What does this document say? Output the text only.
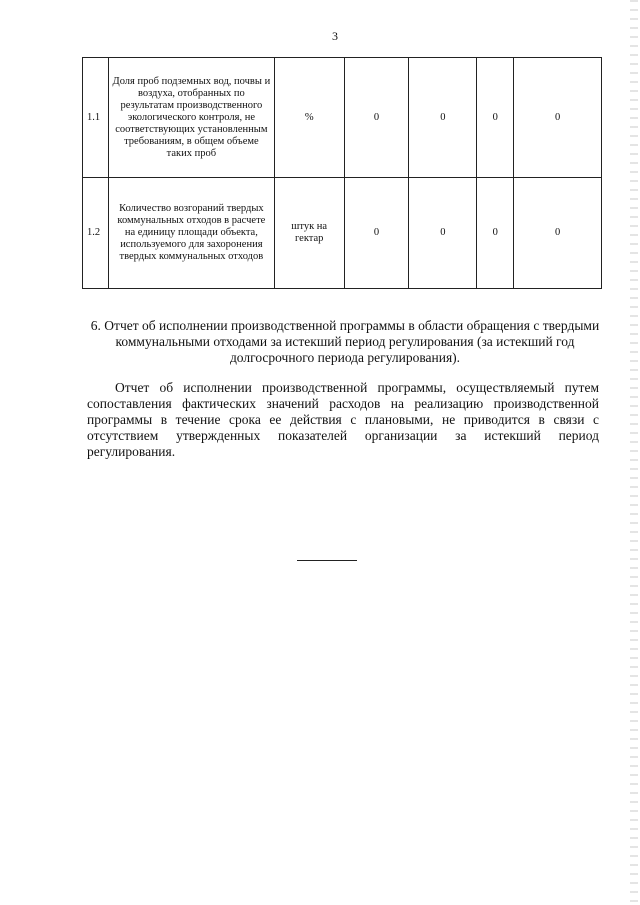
3
1.1	Доля проб подземных вод, почвы и воздуха, отобранных по результатам производственного экологического контроля, не соответствующих установленным требованиям, в общем объеме таких проб	%	0	0	0	0
1.2	Количество возгораний твердых коммунальных отходов в расчете на единицу площади объекта, используемого для захоронения твердых коммунальных отходов	штук на гектар	0	0	0	0
6. Отчет об исполнении производственной программы в области обращения с твердыми коммунальными отходами за истекший период регулирования (за истекший год долгосрочного периода регулирования).
Отчет об исполнении производственной программы, осуществляемый путем сопоставления фактических значений расходов на реализацию производственной программы в течение срока ее действия с плановыми, не приводится в связи с отсутствием утвержденных показателей организации за истекший период регулирования.
